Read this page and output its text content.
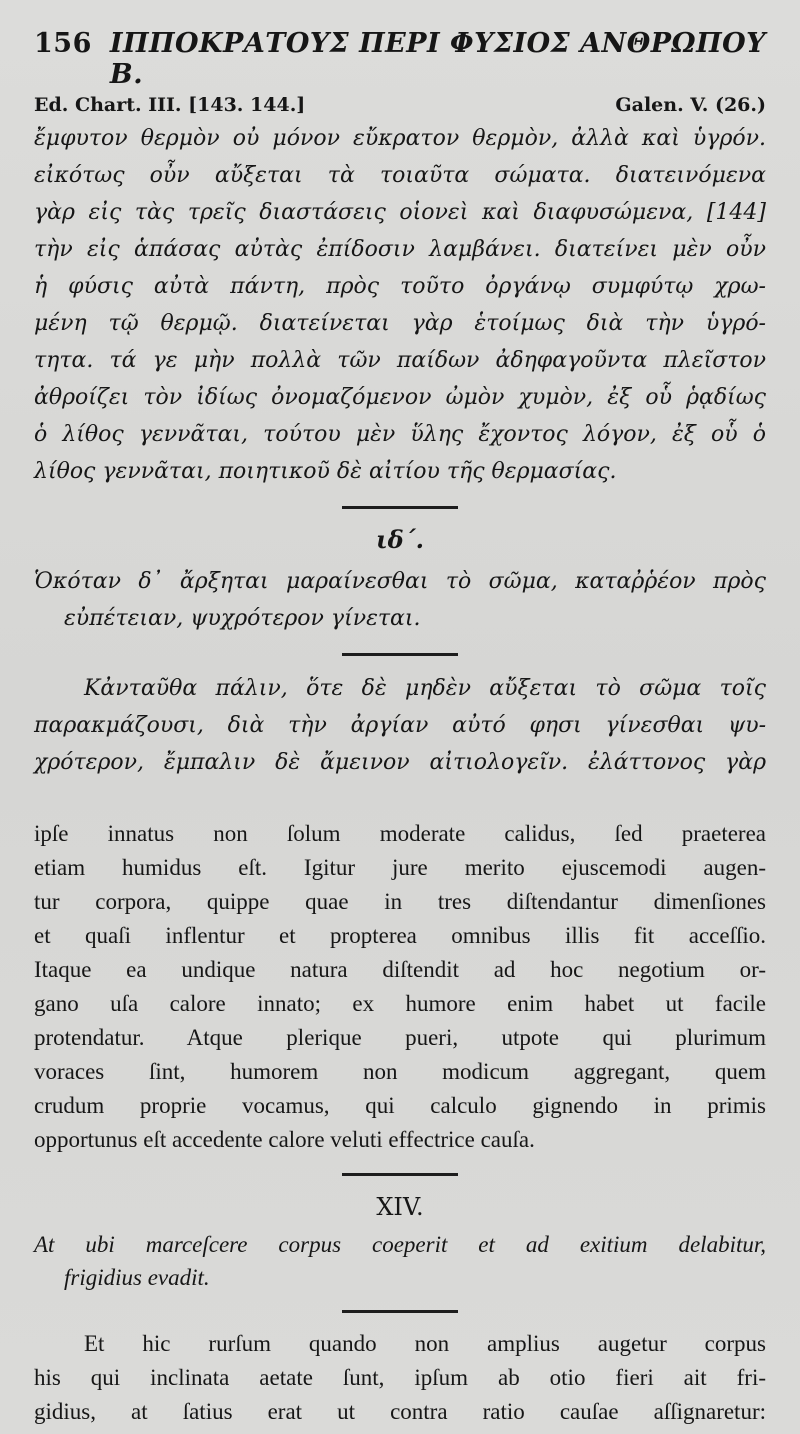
156 ΙΠΠΟΚΡΑΤΟΥΣ ΠΕΡΙ ΦΥΣΙΟΣ ΑΝΘΡΩΠΟΥ Β.
Ed. Chart. III. [143. 144.]	Galen. V. (26.)
ἔμφυτον θερμὸν οὐ μόνον εὔκρατον θερμὸν, ἀλλὰ καὶ ὑγρόν.
εἰκότως οὖν αὔξεται τὰ τοιαῦτα σώματα. διατεινόμενα
γὰρ εἰς τὰς τρεῖς διαστάσεις οἱονεὶ καὶ διαφυσώμενα, [144]
τὴν εἰς ἁπάσας αὐτὰς ἐπίδοσιν λαμβάνει. διατείνει μὲν οὖν
ἡ φύσις αὐτὰ πάντη, πρὸς τοῦτο ὀργάνῳ συμφύτῳ χρω-
μένη τῷ θερμῷ. διατείνεται γὰρ ἑτοίμως διὰ τὴν ὑγρό-
τητα. τά γε μὴν πολλὰ τῶν παίδων ἀδηφαγοῦντα πλεῖστον
ἀθροίζει τὸν ἰδίως ὀνομαζόμενον ὠμὸν χυμὸν, ἐξ οὗ ῥᾳδίως
ὁ λίθος γεννᾶται, τούτου μὲν ὕλης ἔχοντος λόγον, ἐξ οὗ ὁ
λίθος γεννᾶται, ποιητικοῦ δὲ αἰτίου τῆς θερμασίας.
ιδ΄.
Ὁκόταν δ᾽ ἄρξηται μαραίνεσθαι τὸ σῶμα, καταῤῥέον πρὸς
εὐπέτειαν, ψυχρότερον γίνεται.
Κἀνταῦθα πάλιν, ὅτε δὲ μηδὲν αὔξεται τὸ σῶμα τοῖς
παρακμάζουσι, διὰ τὴν ἀργίαν αὐτό φησι γίνεσθαι ψυ-
χρότερον, ἔμπαλιν δὲ ἄμεινον αἰτιολογεῖν. ἐλάττονος γὰρ
ipſe innatus non ſolum moderate calidus, ſed praeterea
etiam humidus eſt. Igitur jure merito ejuscemodi augen-
tur corpora, quippe quae in tres diſtendantur dimenſiones
et quaſi inflentur et propterea omnibus illis fit acceſſio.
Itaque ea undique natura diſtendit ad hoc negotium or-
gano uſa calore innato; ex humore enim habet ut facile
protendatur. Atque plerique pueri, utpote qui plurimum
voraces ſint, humorem non modicum aggregant, quem
crudum proprie vocamus, qui calculo gignendo in primis
opportunus eſt accedente calore veluti effectrice cauſa.
XIV.
At ubi marceſcere corpus coeperit et ad exitium delabitur,
frigidius evadit.
Et hic rurſum quando non amplius augetur corpus
his qui inclinata aetate ſunt, ipſum ab otio fieri ait fri-
gidius, at ſatius erat ut contra ratio cauſae aſſignaretur:
